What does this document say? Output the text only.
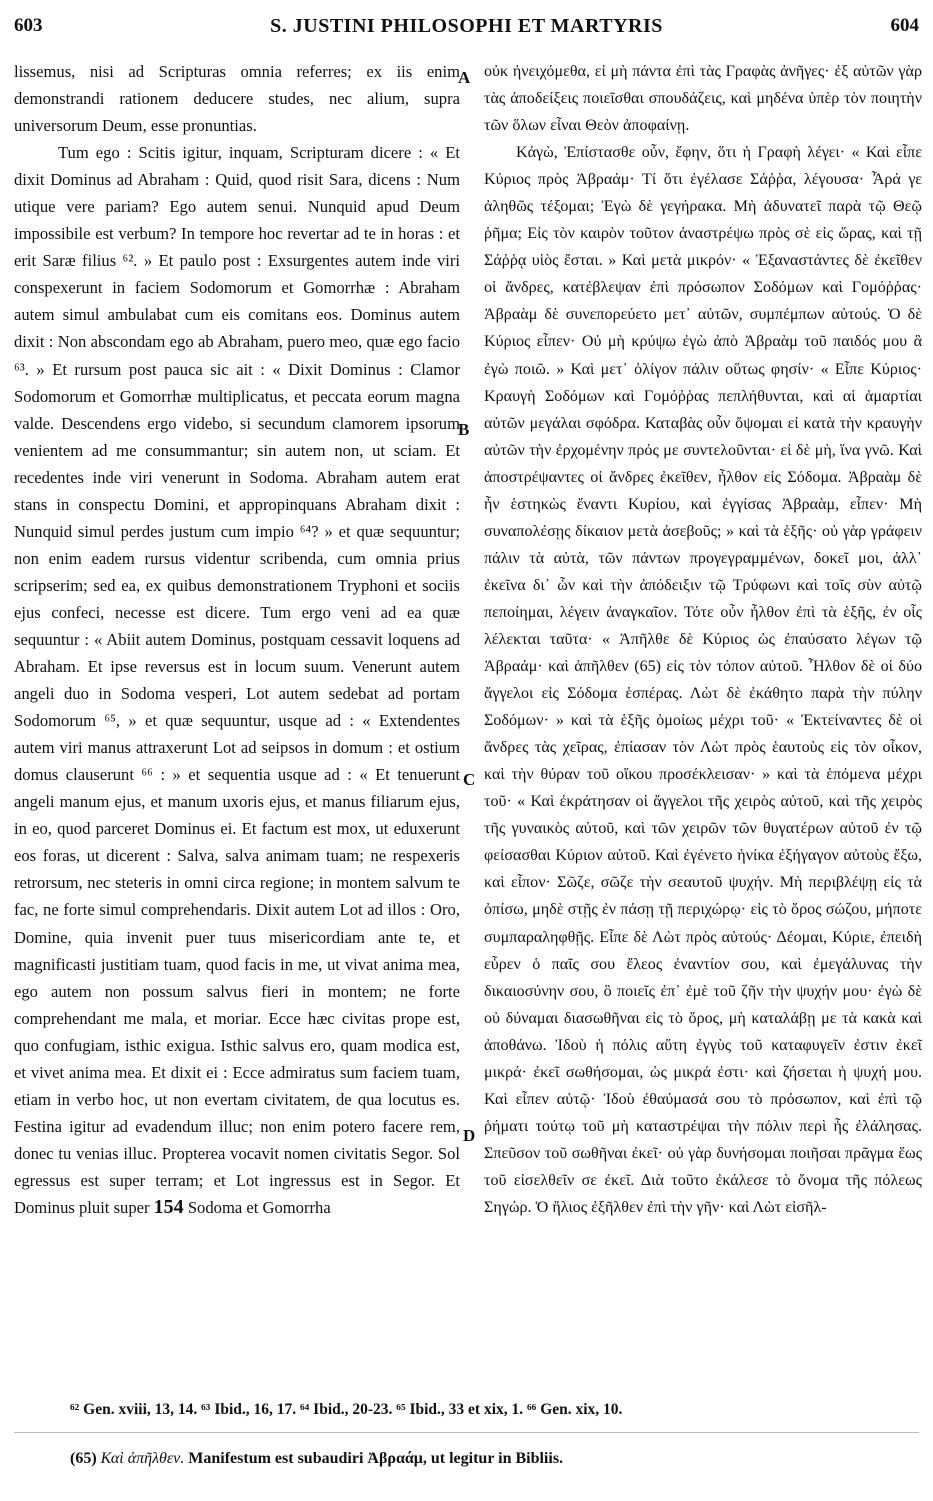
603	S. JUSTINI PHILOSOPHI ET MARTYRIS	604

lissemus, nisi ad Scripturas omnia referres; ex iis enim demonstrandi rationem deducere studes, nec alium, supra universorum Deum, esse pronuntias.

Tum ego : Scitis igitur, inquam, Scripturam dicere : « Et dixit Dominus ad Abraham : Quid, quod risit Sara, dicens : Num utique vere pariam? Ego autem senui. Nunquid apud Deum impossibile est verbum? In tempore hoc revertar ad te in horas : et erit Saræ filius ⁶². » Et paulo post : Exsurgentes autem inde viri conspexerunt in faciem Sodomorum et Gomorrhæ : Abraham autem simul ambulabat cum eis comitans eos. Dominus autem dixit : Non abscondam ego ab Abraham, puero meo, quæ ego facio ⁶³. » Et rursum post pauca sic ait : « Dixit Dominus : Clamor Sodomorum et Gomorrhæ multiplicatus, et peccata eorum magna valde. Descendens ergo videbo, si secundum clamorem ipsorum venientem ad me consummantur; sin autem non, ut sciam. Et recedentes inde viri venerunt in Sodoma. Abraham autem erat stans in conspectu Domini, et appropinquans Abraham dixit : Nunquid simul perdes justum cum impio ⁶⁴? » et quæ sequuntur; non enim eadem rursus videntur scribenda, cum omnia prius scripserim; sed ea, ex quibus demonstrationem Tryphoni et sociis ejus confeci, necesse est dicere. Tum ergo veni ad ea quæ sequuntur : « Abiit autem Dominus, postquam cessavit loquens ad Abraham. Et ipse reversus est in locum suum. Venerunt autem angeli duo in Sodoma vesperi, Lot autem sedebat ad portam Sodomorum ⁶⁵, » et quæ sequuntur, usque ad : « Extendentes autem viri manus attraxerunt Lot ad seipsos in domum : et ostium domus clauserunt ⁶⁶ : » et sequentia usque ad : « Et tenuerunt angeli manum ejus, et manum uxoris ejus, et manus filiarum ejus, in eo, quod parceret Dominus ei. Et factum est mox, ut eduxerunt eos foras, ut dicerent : Salva, salva animam tuam; ne respexeris retrorsum, nec steteris in omni circa regione; in montem salvum te fac, ne forte simul comprehendaris. Dixit autem Lot ad illos : Oro, Domine, quia invenit puer tuus misericordiam ante te, et magnificasti justitiam tuam, quod facis in me, ut vivat anima mea, ego autem non possum salvus fieri in montem; ne forte comprehendant me mala, et moriar. Ecce hæc civitas prope est, quo confugiam, isthic exigua. Isthic salvus ero, quam modica est, et vivet anima mea. Et dixit ei : Ecce admiratus sum faciem tuam, etiam in verbo hoc, ut non evertam civitatem, de qua locutus es. Festina igitur ad evadendum illuc; non enim potero facere rem, donec tu venias illuc. Propterea vocavit nomen civitatis Segor. Sol egressus est super terram; et Lot ingressus est in Segor. Et Dominus pluit super 154 Sodoma et Gomorrha

A
B
C
D

οὐκ ἠνειχόμεθα, εἰ μὴ πάντα ἐπὶ τὰς Γραφὰς ἀνῆγες· ἐξ αὐτῶν γὰρ τὰς ἀποδείξεις ποιεῖσθαι σπουδάζεις, καὶ μηδένα ὑπὲρ τὸν ποιητὴν τῶν ὅλων εἶναι Θεὸν ἀποφαίνῃ.

Κἀγὼ, Ἐπίστασθε οὖν, ἔφην, ὅτι ἡ Γραφὴ λέγει· « Καὶ εἶπε Κύριος πρὸς Ἀβραάμ· Τί ὅτι ἐγέλασε Σάῤῥα, λέγουσα· Ἆρά γε ἀληθῶς τέξομαι; Ἐγὼ δὲ γεγήρακα. Μὴ ἀδυνατεῖ παρὰ τῷ Θεῷ ῥῆμα; Εἰς τὸν καιρὸν τοῦτον ἀναστρέψω πρὸς σὲ εἰς ὥρας, καὶ τῇ Σάῤῥᾳ υἱὸς ἔσται. » Καὶ μετὰ μικρόν· « Ἐξαναστάντες δὲ ἐκεῖθεν οἱ ἄνδρες, κατέβλεψαν ἐπὶ πρόσωπον Σοδόμων καὶ Γομόῤῥας· Ἀβραὰμ δὲ συνεπορεύετο μετ᾽ αὐτῶν, συμπέμπων αὐτούς. Ὁ δὲ Κύριος εἶπεν· Οὐ μὴ κρύψω ἐγὼ ἀπὸ Ἀβραὰμ τοῦ παιδός μου ἃ ἐγὼ ποιῶ. » Καὶ μετ᾽ ὀλίγον πάλιν οὕτως φησίν· « Εἶπε Κύριος· Κραυγὴ Σοδόμων καὶ Γομόῤῥας πεπλήθυνται, καὶ αἱ ἁμαρτίαι αὐτῶν μεγάλαι σφόδρα. Καταβὰς οὖν ὄψομαι εἰ κατὰ τὴν κραυγὴν αὐτῶν τὴν ἐρχομένην πρός με συντελοῦνται· εἰ δὲ μὴ, ἵνα γνῶ. Καὶ ἀποστρέψαντες οἱ ἄνδρες ἐκεῖθεν, ἦλθον εἰς Σόδομα. Ἀβραὰμ δὲ ἦν ἑστηκὼς ἔναντι Κυρίου, καὶ ἐγγίσας Ἀβραὰμ, εἶπεν· Μὴ συναπολέσῃς δίκαιον μετὰ ἀσεβοῦς; » καὶ τὰ ἑξῆς· οὐ γὰρ γράφειν πάλιν τὰ αὐτὰ, τῶν πάντων προγεγραμμένων, δοκεῖ μοι, ἀλλ᾽ ἐκεῖνα δι᾽ ὧν καὶ τὴν ἀπόδειξιν τῷ Τρύφωνι καὶ τοῖς σὺν αὐτῷ πεποίημαι, λέγειν ἀναγκαῖον. Τότε οὖν ἦλθον ἐπὶ τὰ ἑξῆς, ἐν οἷς λέλεκται ταῦτα· « Ἀπῆλθε δὲ Κύριος ὡς ἐπαύσατο λέγων τῷ Ἀβραάμ· καὶ ἀπῆλθεν (65) εἰς τὸν τόπον αὐτοῦ. Ἦλθον δὲ οἱ δύο ἄγγελοι εἰς Σόδομα ἑσπέρας. Λὼτ δὲ ἐκάθητο παρὰ τὴν πύλην Σοδόμων· » καὶ τὰ ἑξῆς ὁμοίως μέχρι τοῦ· « Ἐκτείναντες δὲ οἱ ἄνδρες τὰς χεῖρας, ἐπίασαν τὸν Λὼτ πρὸς ἑαυτοὺς εἰς τὸν οἶκον, καὶ τὴν θύραν τοῦ οἴκου προσέκλεισαν· » καὶ τὰ ἑπόμενα μέχρι τοῦ· « Καὶ ἐκράτησαν οἱ ἄγγελοι τῆς χειρὸς αὐτοῦ, καὶ τῆς χειρὸς τῆς γυναικὸς αὐτοῦ, καὶ τῶν χειρῶν τῶν θυγατέρων αὐτοῦ ἐν τῷ φείσασθαι Κύριον αὐτοῦ. Καὶ ἐγένετο ἡνίκα ἐξήγαγον αὐτοὺς ἔξω, καὶ εἶπον· Σῶζε, σῶζε τὴν σεαυτοῦ ψυχήν. Μὴ περιβλέψῃ εἰς τὰ ὀπίσω, μηδὲ στῇς ἐν πάσῃ τῇ περιχώρῳ· εἰς τὸ ὄρος σώζου, μήποτε συμπαραληφθῇς. Εἶπε δὲ Λὼτ πρὸς αὐτούς· Δέομαι, Κύριε, ἐπειδὴ εὗρεν ὁ παῖς σου ἔλεος ἐναντίον σου, καὶ ἐμεγάλυνας τὴν δικαιοσύνην σου, ὃ ποιεῖς ἐπ᾽ ἐμὲ τοῦ ζῆν τὴν ψυχήν μου· ἐγὼ δὲ οὐ δύναμαι διασωθῆναι εἰς τὸ ὄρος, μὴ καταλάβῃ με τὰ κακὰ καὶ ἀποθάνω. Ἰδοὺ ἡ πόλις αὕτη ἐγγὺς τοῦ καταφυγεῖν ἐστιν ἐκεῖ μικρά· ἐκεῖ σωθήσομαι, ὡς μικρά ἐστι· καὶ ζήσεται ἡ ψυχή μου. Καὶ εἶπεν αὐτῷ· Ἰδοὺ ἐθαύμασά σου τὸ πρόσωπον, καὶ ἐπὶ τῷ ῥήματι τούτῳ τοῦ μὴ καταστρέψαι τὴν πόλιν περὶ ἧς ἐλάλησας. Σπεῦσον τοῦ σωθῆναι ἐκεῖ· οὐ γὰρ δυνήσομαι ποιῆσαι πρᾶγμα ἕως τοῦ εἰσελθεῖν σε ἐκεῖ. Διὰ τοῦτο ἐκάλεσε τὸ ὄνομα τῆς πόλεως Σηγώρ. Ὁ ἥλιος ἐξῆλθεν ἐπὶ τὴν γῆν· καὶ Λὼτ εἰσῆλ-

⁶² Gen. xviii, 13, 14. ⁶³ Ibid., 16, 17. ⁶⁴ Ibid., 20-23. ⁶⁵ Ibid., 33 et xix, 1. ⁶⁶ Gen. xix, 10.
(65) Καὶ ἀπῆλθεν. Manifestum est subaudiri Ἀβραάμ, ut legitur in Bibliis.
